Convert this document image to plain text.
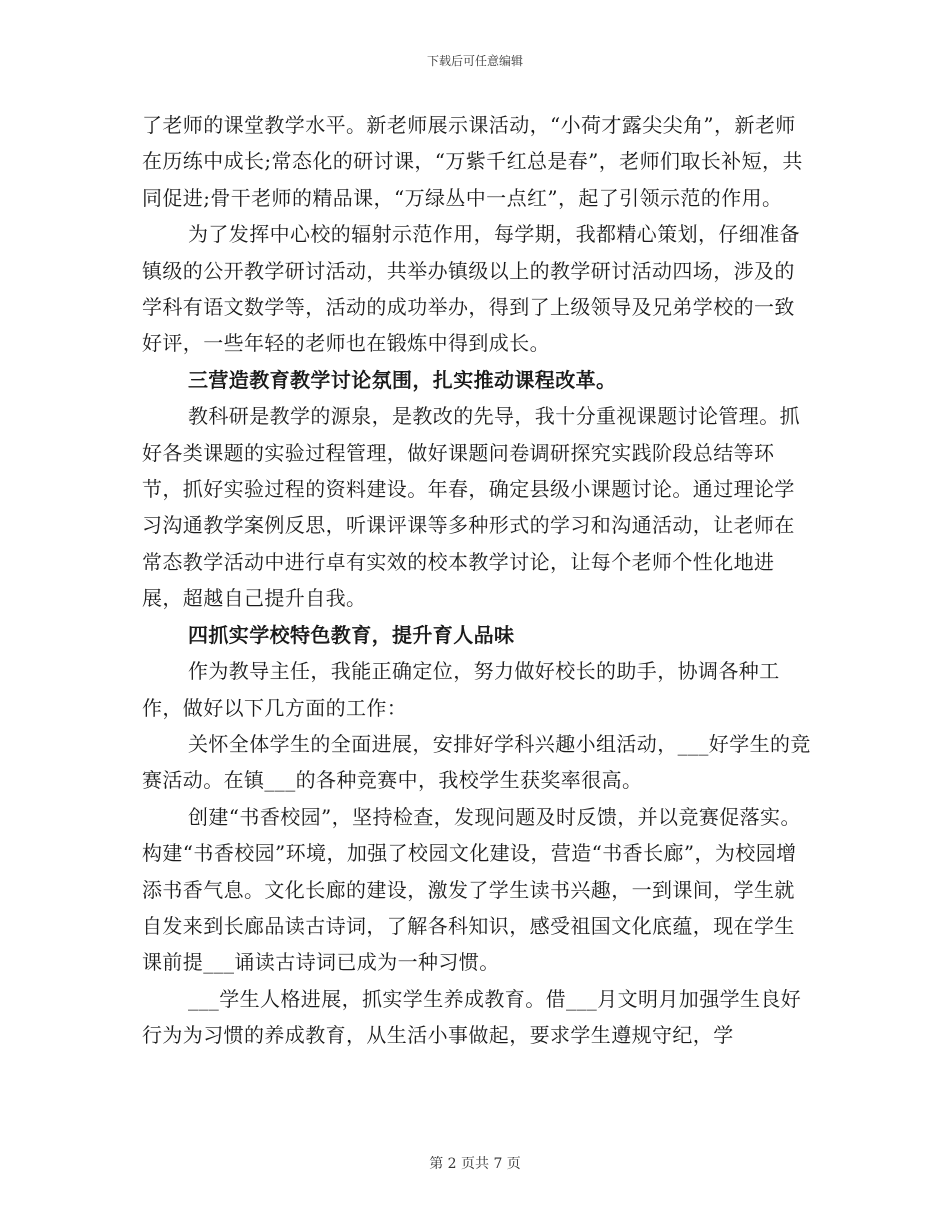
下载后可任意编辑

了老师的课堂教学水平。新老师展示课活动，“小荷才露尖尖角”，新老师在历练中成长;常态化的研讨课，“万紫千红总是春”，老师们取长补短，共同促进;骨干老师的精品课，“万绿丛中一点红”，起了引领示范的作用。

为了发挥中心校的辐射示范作用，每学期，我都精心策划，仔细准备镇级的公开教学研讨活动，共举办镇级以上的教学研讨活动四场，涉及的学科有语文数学等，活动的成功举办，得到了上级领导及兄弟学校的一致好评，一些年轻的老师也在锻炼中得到成长。

三营造教育教学讨论氛围，扎实推动课程改革。

教科研是教学的源泉，是教改的先导，我十分重视课题讨论管理。抓好各类课题的实验过程管理，做好课题问卷调研探究实践阶段总结等环节，抓好实验过程的资料建设。年春，确定县级小课题讨论。通过理论学习沟通教学案例反思，听课评课等多种形式的学习和沟通活动，让老师在常态教学活动中进行卓有实效的校本教学讨论，让每个老师个性化地进展，超越自己提升自我。

四抓实学校特色教育，提升育人品味

作为教导主任，我能正确定位，努力做好校长的助手，协调各种工作，做好以下几方面的工作：

关怀全体学生的全面进展，安排好学科兴趣小组活动，___好学生的竞赛活动。在镇___的各种竞赛中，我校学生获奖率很高。

创建“书香校园”，坚持检查，发现问题及时反馈，并以竞赛促落实。构建“书香校园”环境，加强了校园文化建设，营造“书香长廊”，为校园增添书香气息。文化长廊的建设，激发了学生读书兴趣，一到课间，学生就自发来到长廊品读古诗词，了解各科知识，感受祖国文化底蕴，现在学生课前提___诵读古诗词已成为一种习惯。

___学生人格进展，抓实学生养成教育。借___月文明月加强学生良好行为为习惯的养成教育，从生活小事做起，要求学生遵规守纪，学

第 2 页共 7 页
